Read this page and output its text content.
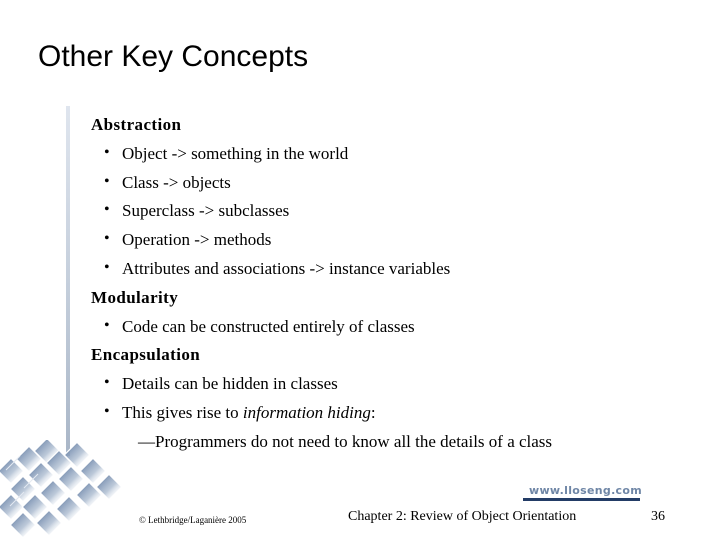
Other Key Concepts
Abstraction
• Object -> something in the world
• Class -> objects
• Superclass -> subclasses
• Operation -> methods
• Attributes and associations -> instance variables
Modularity
• Code can be constructed entirely of classes
Encapsulation
• Details can be hidden in classes
• This gives rise to information hiding:
—Programmers do not need to know all the details of a class
www.lloseng.com
© Lethbridge/Laganière 2005	Chapter 2: Review of Object Orientation	36
